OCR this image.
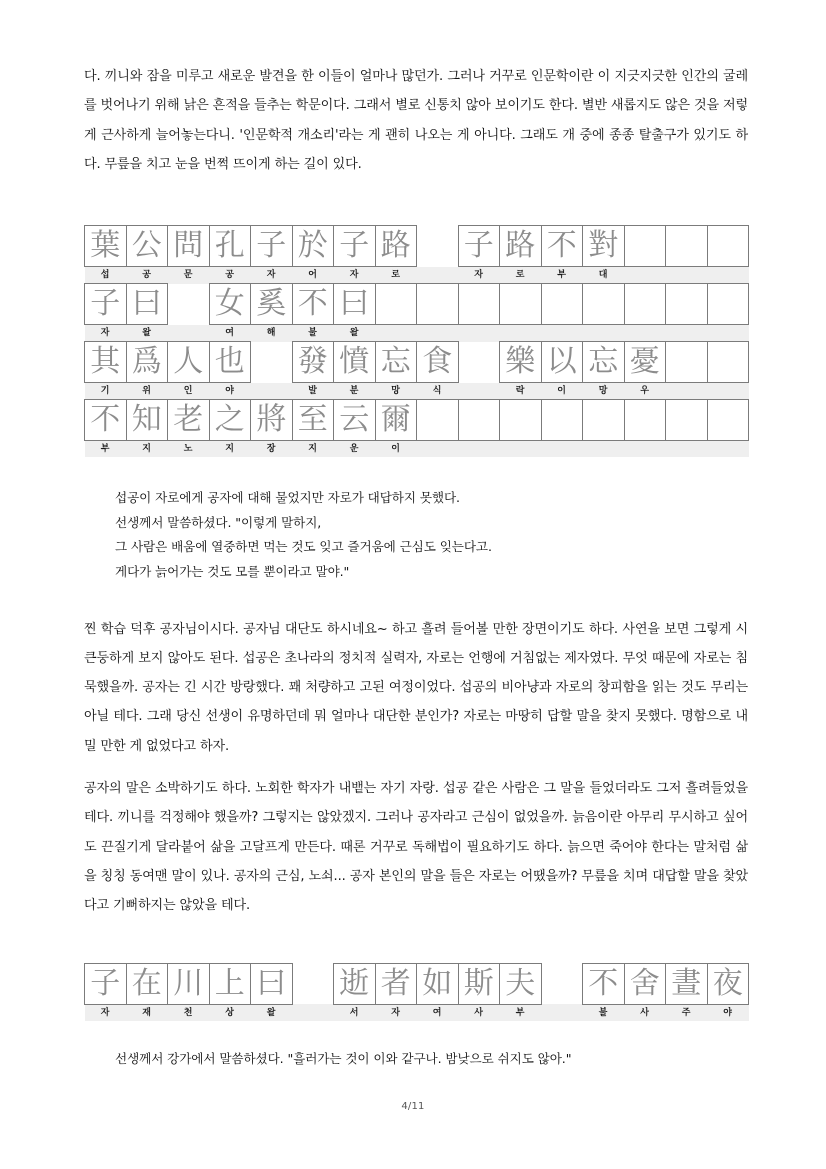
다. 끼니와 잠을 미루고 새로운 발견을 한 이들이 얼마나 많던가. 그러나 거꾸로 인문학이란 이 지긋지긋한 인간의 굴레를 벗어나기 위해 낡은 흔적을 들추는 학문이다. 그래서 별로 신통치 않아 보이기도 한다. 별반 새롭지도 않은 것을 저렇게 근사하게 늘어놓는다니. '인문학적 개소리'라는 게 괜히 나오는 게 아니다. 그래도 개 중에 종종 탈출구가 있기도 하다. 무릎을 치고 눈을 번쩍 뜨이게 하는 길이 있다.

葉	公	問	孔	子	於	子	路		子	路	不	對			
섭	공	문	공	자	어	자	로		자	로	부	대			
子	曰		女	奚	不	曰									
자	왈		여	해	불	왈									
其	爲	人	也		發	憤	忘	食		樂	以	忘	憂		
기	위	인	야		발	분	망	식		락	이	망	우		
不	知	老	之	將	至	云	爾								
부	지	노	지	장	지	운	이								
섭공이 자로에게 공자에 대해 물었지만 자로가 대답하지 못했다.
선생께서 말씀하셨다. "이렇게 말하지,
그 사람은 배움에 열중하면 먹는 것도 잊고 즐거움에 근심도 잊는다고.
게다가 늙어가는 것도 모를 뿐이라고 말야."

찐 학습 덕후 공자님이시다. 공자님 대단도 하시네요~ 하고 흘려 들어볼 만한 장면이기도 하다. 사연을 보면 그렇게 시큰둥하게 보지 않아도 된다. 섭공은 초나라의 정치적 실력자, 자로는 언행에 거침없는 제자였다. 무엇 때문에 자로는 침묵했을까. 공자는 긴 시간 방랑했다. 꽤 처량하고 고된 여정이었다. 섭공의 비아냥과 자로의 창피함을 읽는 것도 무리는 아닐 테다. 그래 당신 선생이 유명하던데 뭐 얼마나 대단한 분인가? 자로는 마땅히 답할 말을 찾지 못했다. 명함으로 내밀 만한 게 없었다고 하자.

공자의 말은 소박하기도 하다. 노회한 학자가 내뱉는 자기 자랑. 섭공 같은 사람은 그 말을 들었더라도 그저 흘려들었을 테다. 끼니를 걱정해야 했을까? 그렇지는 않았겠지. 그러나 공자라고 근심이 없었을까. 늙음이란 아무리 무시하고 싶어도 끈질기게 달라붙어 삶을 고달프게 만든다. 때론 거꾸로 독해법이 필요하기도 하다. 늙으면 죽어야 한다는 말처럼 삶을 칭칭 동여맨 말이 있나. 공자의 근심, 노쇠... 공자 본인의 말을 들은 자로는 어땠을까? 무릎을 치며 대답할 말을 찾았다고 기뻐하지는 않았을 테다.

子	在	川	上	曰		逝	者	如	斯	夫		不	舍	晝	夜
자	재	천	상	왈		서	자	여	사	부		불	사	주	야
선생께서 강가에서 말씀하셨다. "흘러가는 것이 이와 같구나. 밤낮으로 쉬지도 않아."
4/11
